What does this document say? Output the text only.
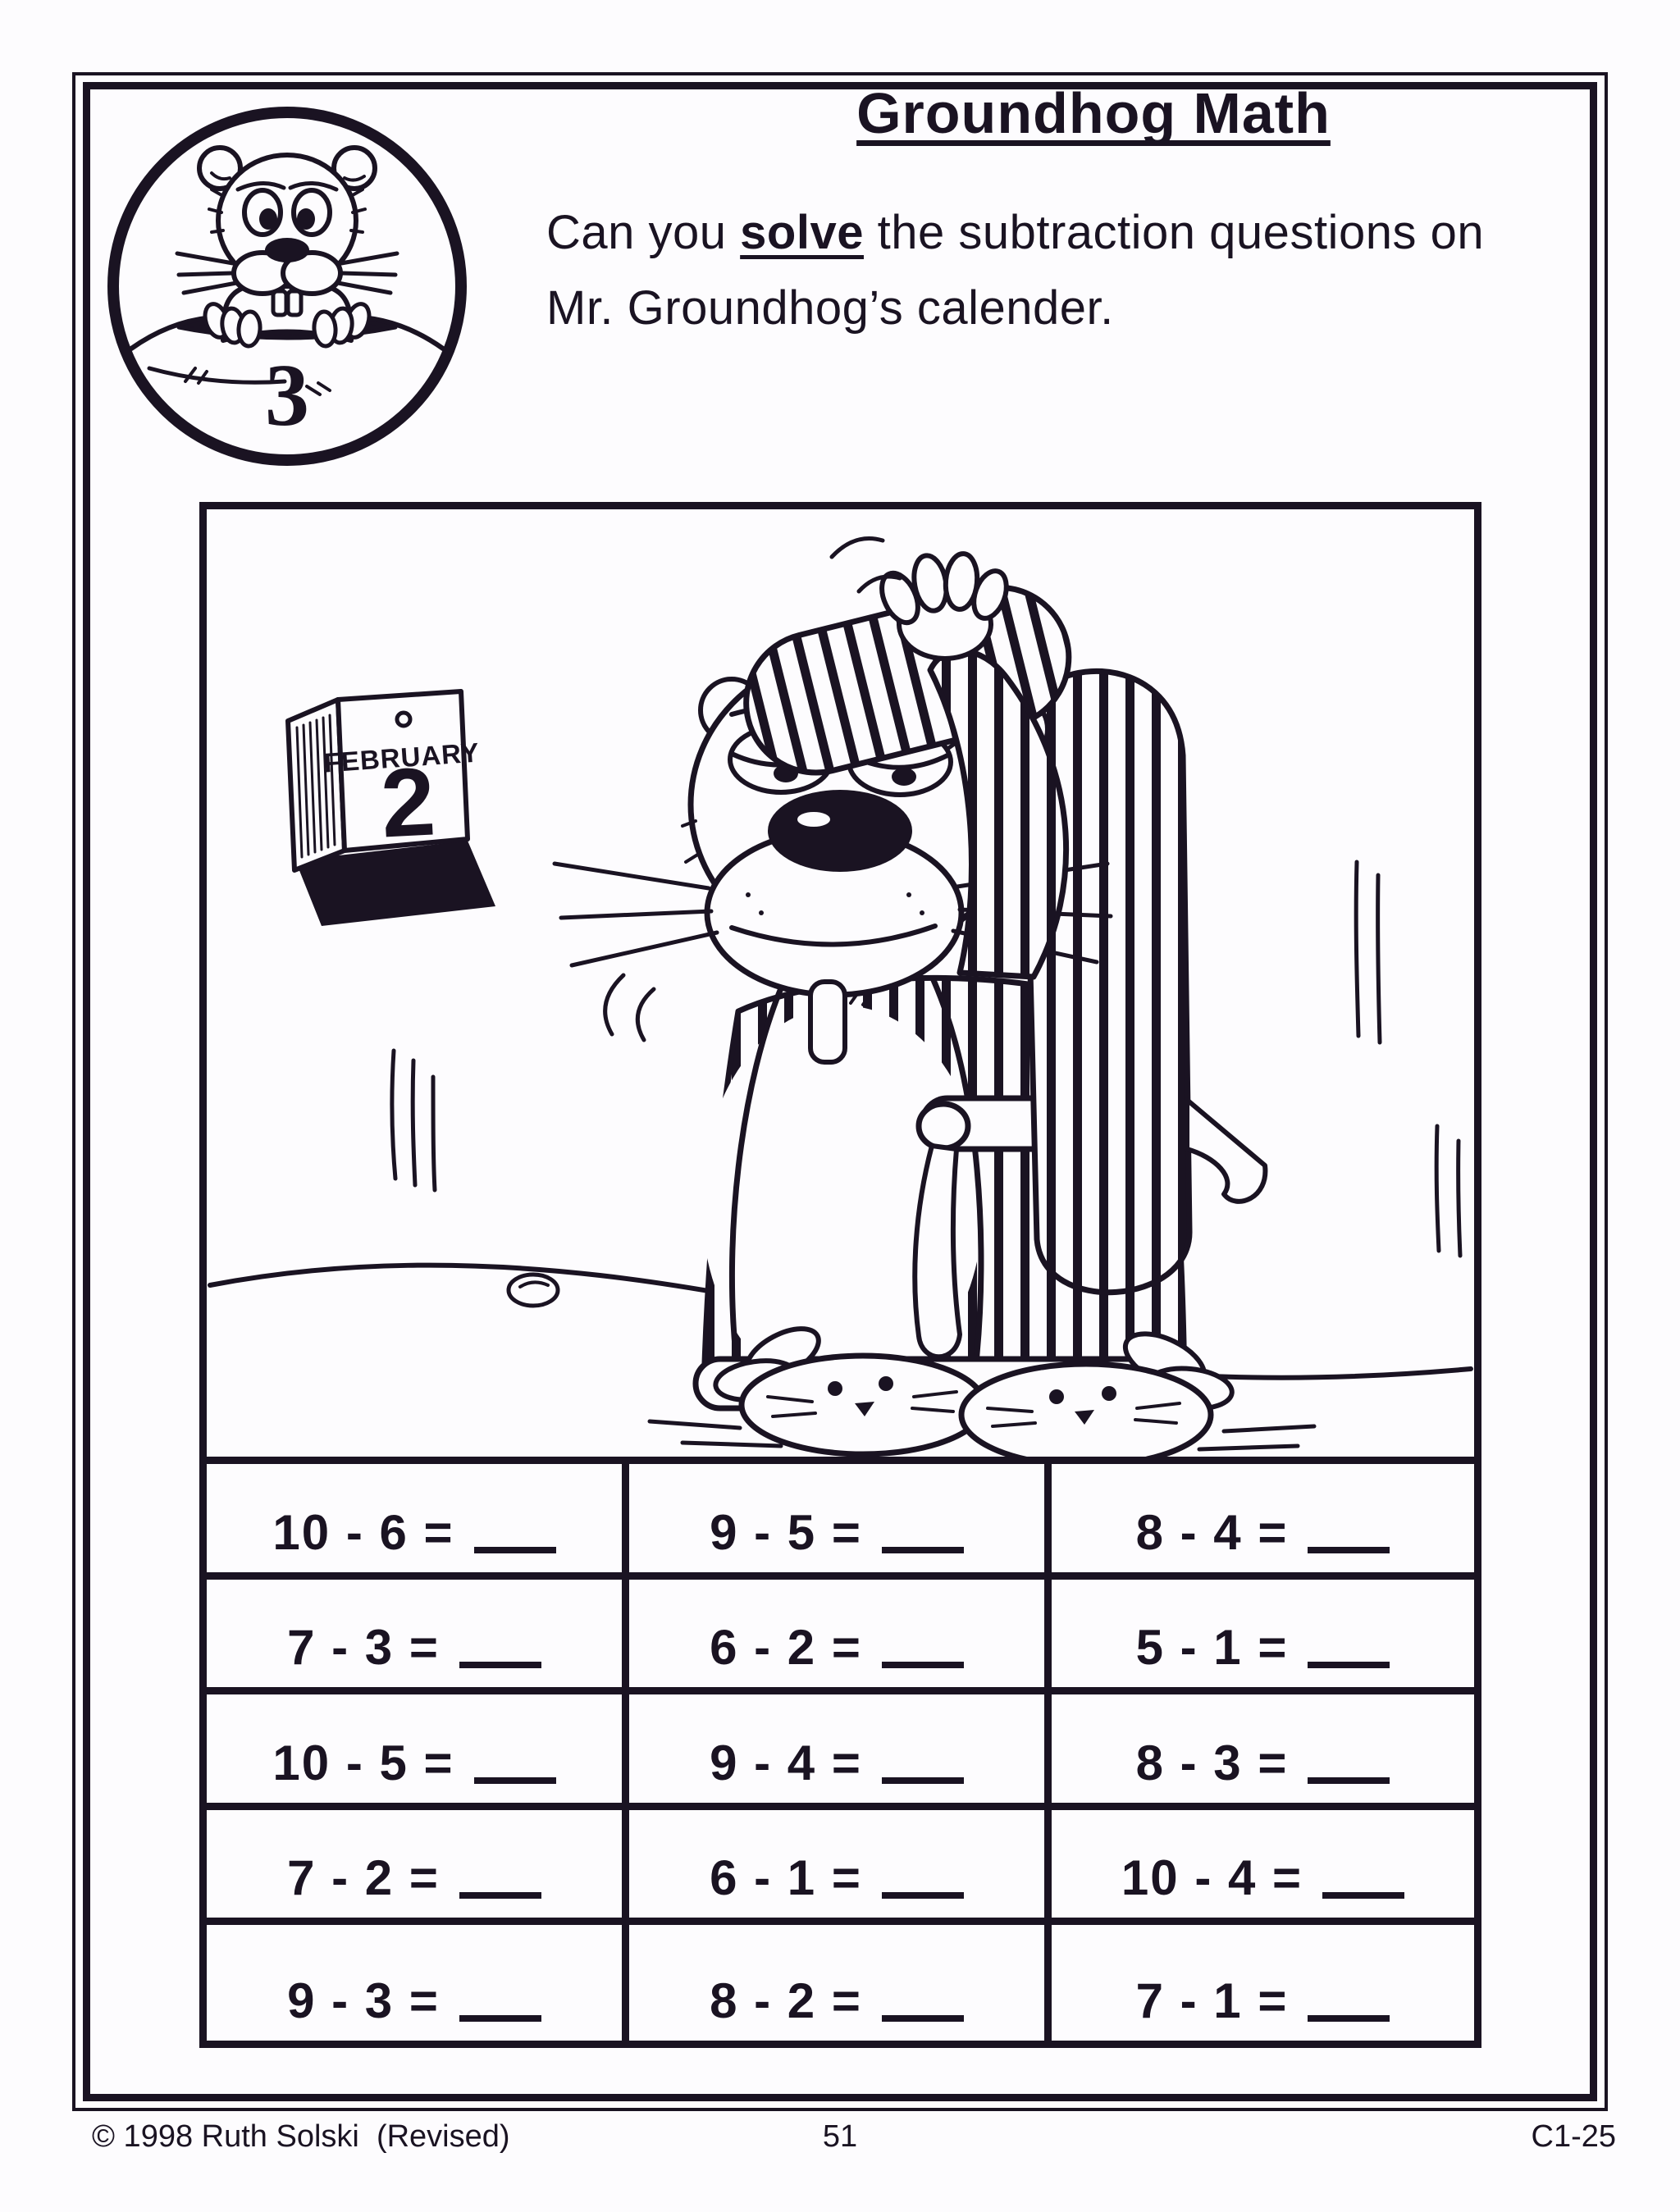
3
Groundhog Math

Can you solve the subtraction questions on
Mr. Groundhog’s calender.

FEBRUARY
2
10 - 6 =	9 - 5 =	8 - 4 =
7 - 3 =	6 - 2 =	5 - 1 =
10 - 5 =	9 - 4 =	8 - 3 =
7 - 2 =	6 - 1 =	10 - 4 =
9 - 3 =	8 - 2 =	7 - 1 =
© 1998 Ruth Solski  (Revised)	51	C1-25
